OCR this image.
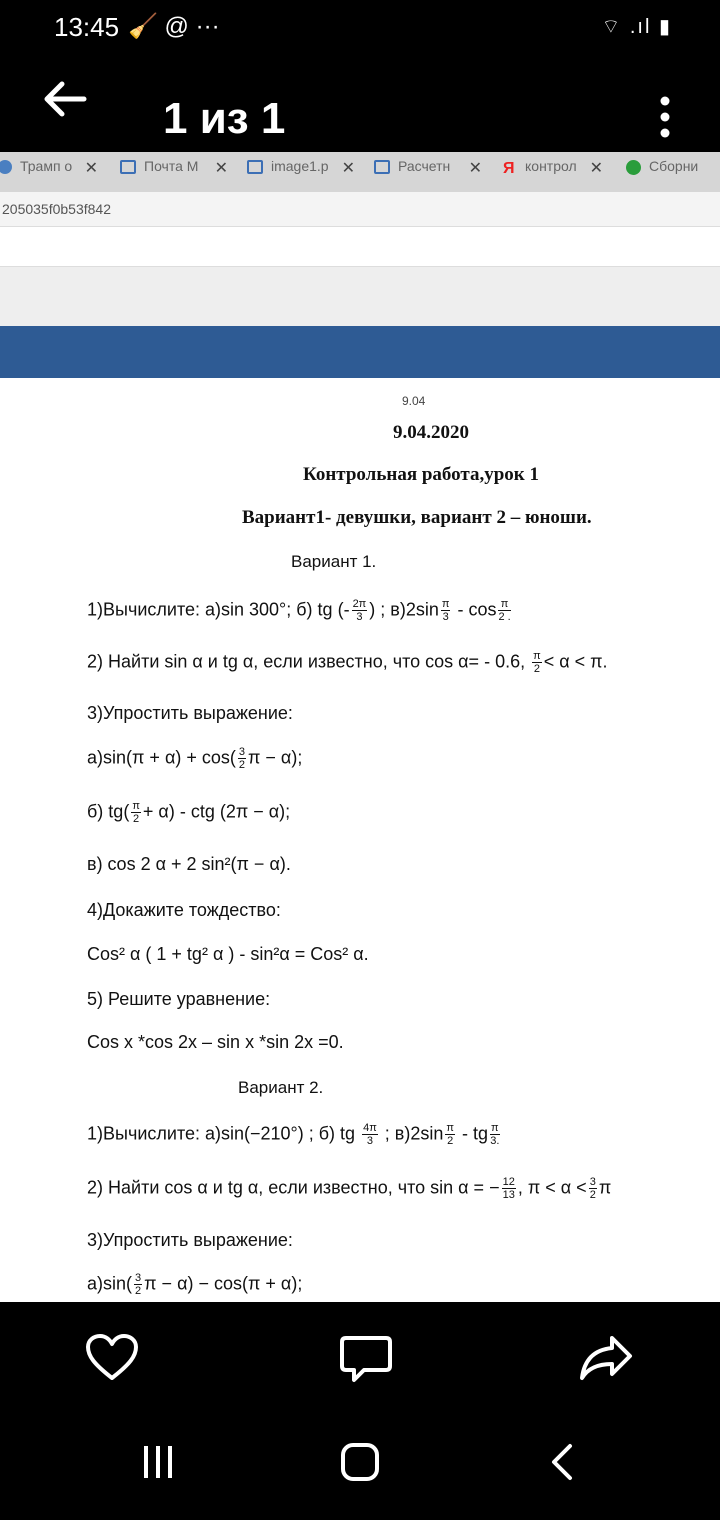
13:45 🧹 @ ···	⌔ .ıl ▮
1 из 1
Трамп о ✕	Почта М ✕	image1.p ✕	Расчетн ✕ Я контрол ✕	Сборни
205035f0b53f842
9.04
9.04.2020
Контрольная работа,урок 1
Вариант1- девушки, вариант 2 – юноши.
Вариант 1.
1)Вычислите: а)sin 300°; б) tg (- $\frac{2\pi}{3}$ ) ; $в)2\sin \frac{\pi}{3}$ - $\cos \frac{\pi}{2 .}$
2) Найти sin α и tg α, если известно, что cos α= - 0.6, $\frac{\pi}{2} < \alpha < \pi$.
3)Упростить выражение:
$а)\sin(\pi + \alpha) + \cos( \frac{3}{2}$ π − α);
б) $tg( \frac{\pi}{2} + \alpha)$ - ctg (2π − α);
в) cos 2 α + 2 sin²(π − α).
4)Докажите тождество:
Cos² α ( 1 + tg² α ) - sin²α = Cos² α.
5) Решите уравнение:
Cos x *cos 2x – sin x *sin 2x =0.
Вариант 2.
1)Вычислите: а)sin(−210°) ; б) tg $\frac{4\pi}{3}$ ; $в)2\sin \frac{\pi}{2}$ - tg $\frac{\pi}{3.}$
2) Найти cos α и tg α, если известно, что sin α = − $\frac{12}{13}$ , $\pi < \alpha < \frac{3}{2}$ π
3)Упростить выражение:
$а)\sin( \frac{3}{2}$ π − α) − cos(π + α);
